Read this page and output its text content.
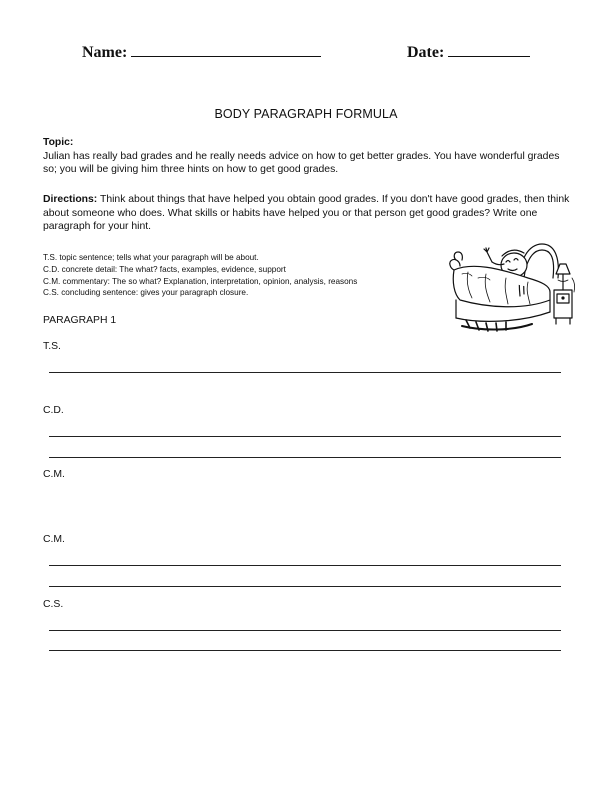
Name:	Date:
BODY PARAGRAPH FORMULA
Topic:
Julian has really bad grades and he really needs advice on how to get better grades. You have wonderful grades so; you will be giving him three hints on how to get good grades.
Directions: Think about things that have helped you obtain good grades. If you don't have good grades, then think about someone who does. What skills or habits have helped you or that person get good grades? Write one paragraph for your hint.
T.S. topic sentence; tells what your paragraph will be about.
C.D. concrete detail: The what? facts, examples, evidence, support
C.M. commentary: The so what? Explanation, interpretation, opinion, analysis, reasons
C.S. concluding sentence: gives your paragraph closure.
PARAGRAPH 1
T.S.
C.D.
C.M.
C.M.
C.S.
